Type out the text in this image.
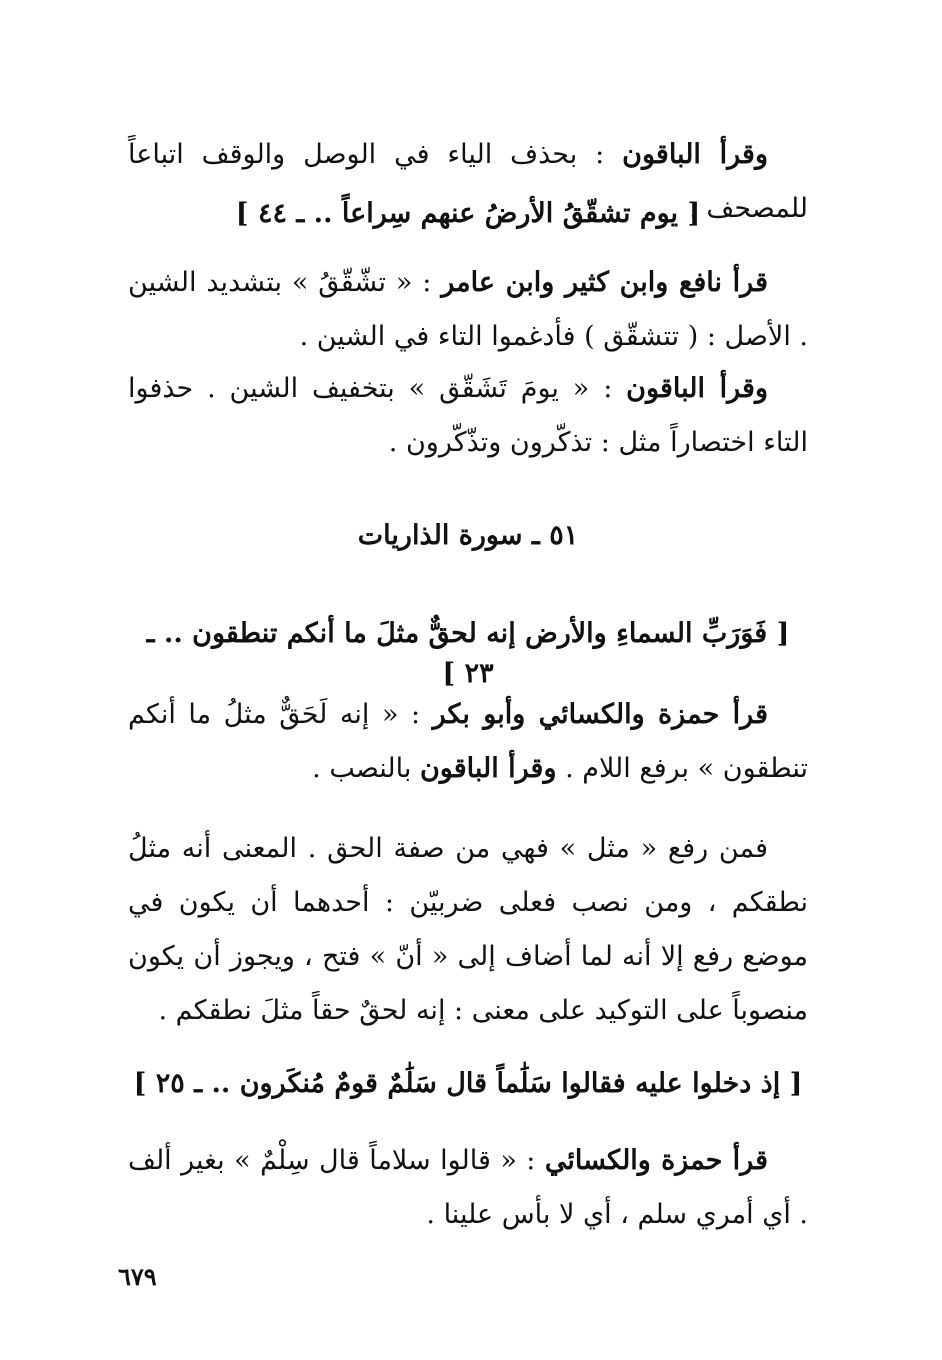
وقرأ الباقون : بحذف الياء في الوصل والوقف اتباعاً للمصحف .
[ يوم تشقّقُ الأرضُ عنهم سِراعاً .. ـ ٤٤ ]
قرأ نافع وابن كثير وابن عامر : « تشّقّقُ » بتشديد الشين . الأصل : ( تتشقّق ) فأدغموا التاء في الشين .
وقرأ الباقون : « يومَ تَشَقّق » بتخفيف الشين . حذفوا التاء اختصاراً مثل : تذكّرون وتذّكّرون .
٥١ ـ سورة الذاريات
[ فَوَرَبِّ السماءِ والأرض إنه لحقٌّ مثلَ ما أنكم تنطقون .. ـ ٢٣ ]
قرأ حمزة والكسائي وأبو بكر : « إنه لَحَقٌّ مثلُ ما أنكم تنطقون » برفع اللام . وقرأ الباقون بالنصب .
فمن رفع « مثل » فهي من صفة الحق . المعنى أنه مثلُ نطقكم ، ومن نصب فعلى ضربيّن : أحدهما أن يكون في موضع رفع إلا أنه لما أضاف إلى « أنّ » فتح ، ويجوز أن يكون منصوباً على التوكيد على معنى : إنه لحقٌ حقاً مثلَ نطقكم .
[ إذ دخلوا عليه فقالوا سَلَٰماً قال سَلَٰمٌ قومٌ مُنكَرون .. ـ ٢٥ ]
قرأ حمزة والكسائي : « قالوا سلاماً قال سِلْمٌ » بغير ألف . أي أمري سلم ، أي لا بأس علينا .
٦٧٩
